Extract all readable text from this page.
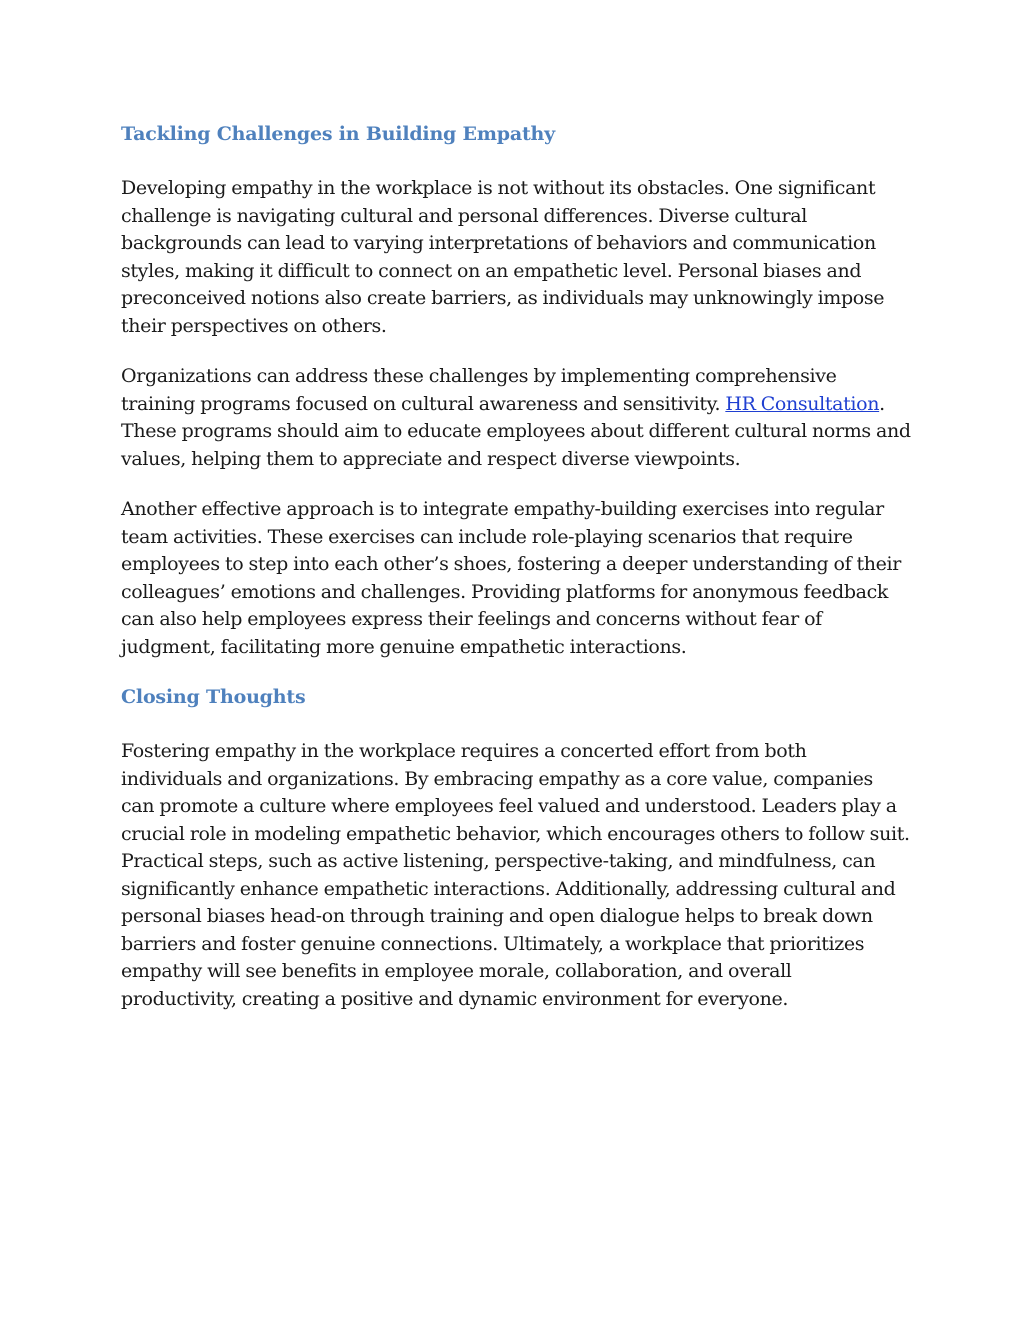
Tackling Challenges in Building Empathy

Developing empathy in the workplace is not without its obstacles. One significant challenge is navigating cultural and personal differences. Diverse cultural backgrounds can lead to varying interpretations of behaviors and communication styles, making it difficult to connect on an empathetic level. Personal biases and preconceived notions also create barriers, as individuals may unknowingly impose their perspectives on others.

Organizations can address these challenges by implementing comprehensive training programs focused on cultural awareness and sensitivity. HR Consultation. These programs should aim to educate employees about different cultural norms and values, helping them to appreciate and respect diverse viewpoints.

Another effective approach is to integrate empathy-building exercises into regular team activities. These exercises can include role-playing scenarios that require employees to step into each other’s shoes, fostering a deeper understanding of their colleagues’ emotions and challenges. Providing platforms for anonymous feedback can also help employees express their feelings and concerns without fear of judgment, facilitating more genuine empathetic interactions.

Closing Thoughts

Fostering empathy in the workplace requires a concerted effort from both individuals and organizations. By embracing empathy as a core value, companies can promote a culture where employees feel valued and understood. Leaders play a crucial role in modeling empathetic behavior, which encourages others to follow suit. Practical steps, such as active listening, perspective-taking, and mindfulness, can significantly enhance empathetic interactions. Additionally, addressing cultural and personal biases head-on through training and open dialogue helps to break down barriers and foster genuine connections. Ultimately, a workplace that prioritizes empathy will see benefits in employee morale, collaboration, and overall productivity, creating a positive and dynamic environment for everyone.
